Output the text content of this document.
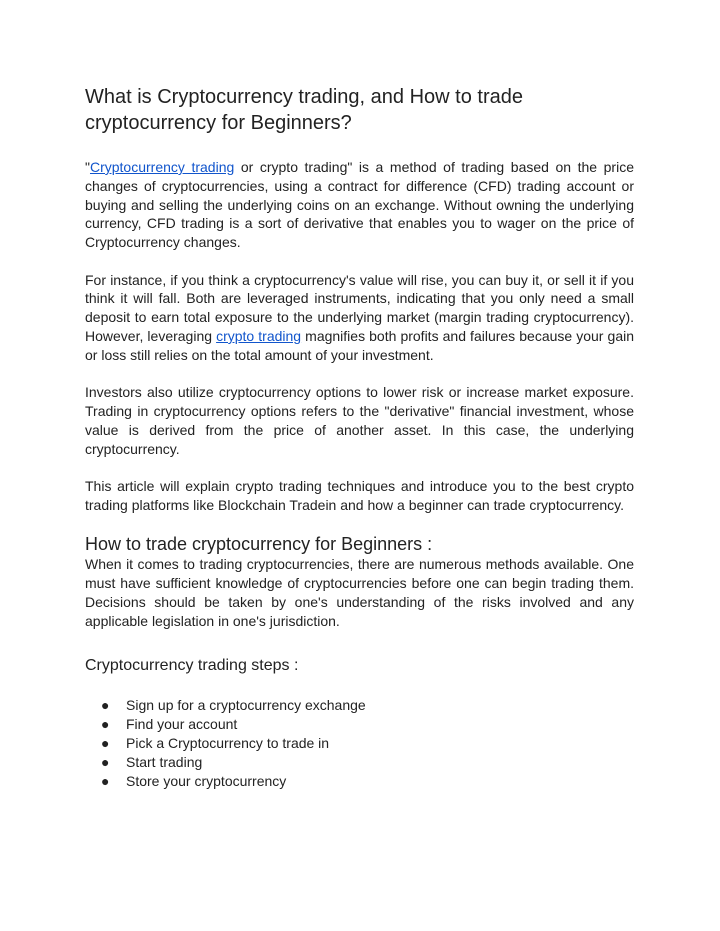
What is Cryptocurrency trading, and How to trade cryptocurrency for Beginners?

"Cryptocurrency trading or crypto trading" is a method of trading based on the price changes of cryptocurrencies, using a contract for difference (CFD) trading account or buying and selling the underlying coins on an exchange. Without owning the underlying currency, CFD trading is a sort of derivative that enables you to wager on the price of Cryptocurrency changes.

For instance, if you think a cryptocurrency's value will rise, you can buy it, or sell it if you think it will fall. Both are leveraged instruments, indicating that you only need a small deposit to earn total exposure to the underlying market (margin trading cryptocurrency). However, leveraging crypto trading magnifies both profits and failures because your gain or loss still relies on the total amount of your investment.

Investors also utilize cryptocurrency options to lower risk or increase market exposure. Trading in cryptocurrency options refers to the "derivative" financial investment, whose value is derived from the price of another asset. In this case, the underlying cryptocurrency.

This article will explain crypto trading techniques and introduce you to the best crypto trading platforms like Blockchain Tradein and how a beginner can trade cryptocurrency.

How to trade cryptocurrency for Beginners :

When it comes to trading cryptocurrencies, there are numerous methods available. One must have sufficient knowledge of cryptocurrencies before one can begin trading them. Decisions should be taken by one's understanding of the risks involved and any applicable legislation in one's jurisdiction.

Cryptocurrency trading steps :
●	Sign up for a cryptocurrency exchange
●	Find your account
●	Pick a Cryptocurrency to trade in
●	Start trading
●	Store your cryptocurrency
